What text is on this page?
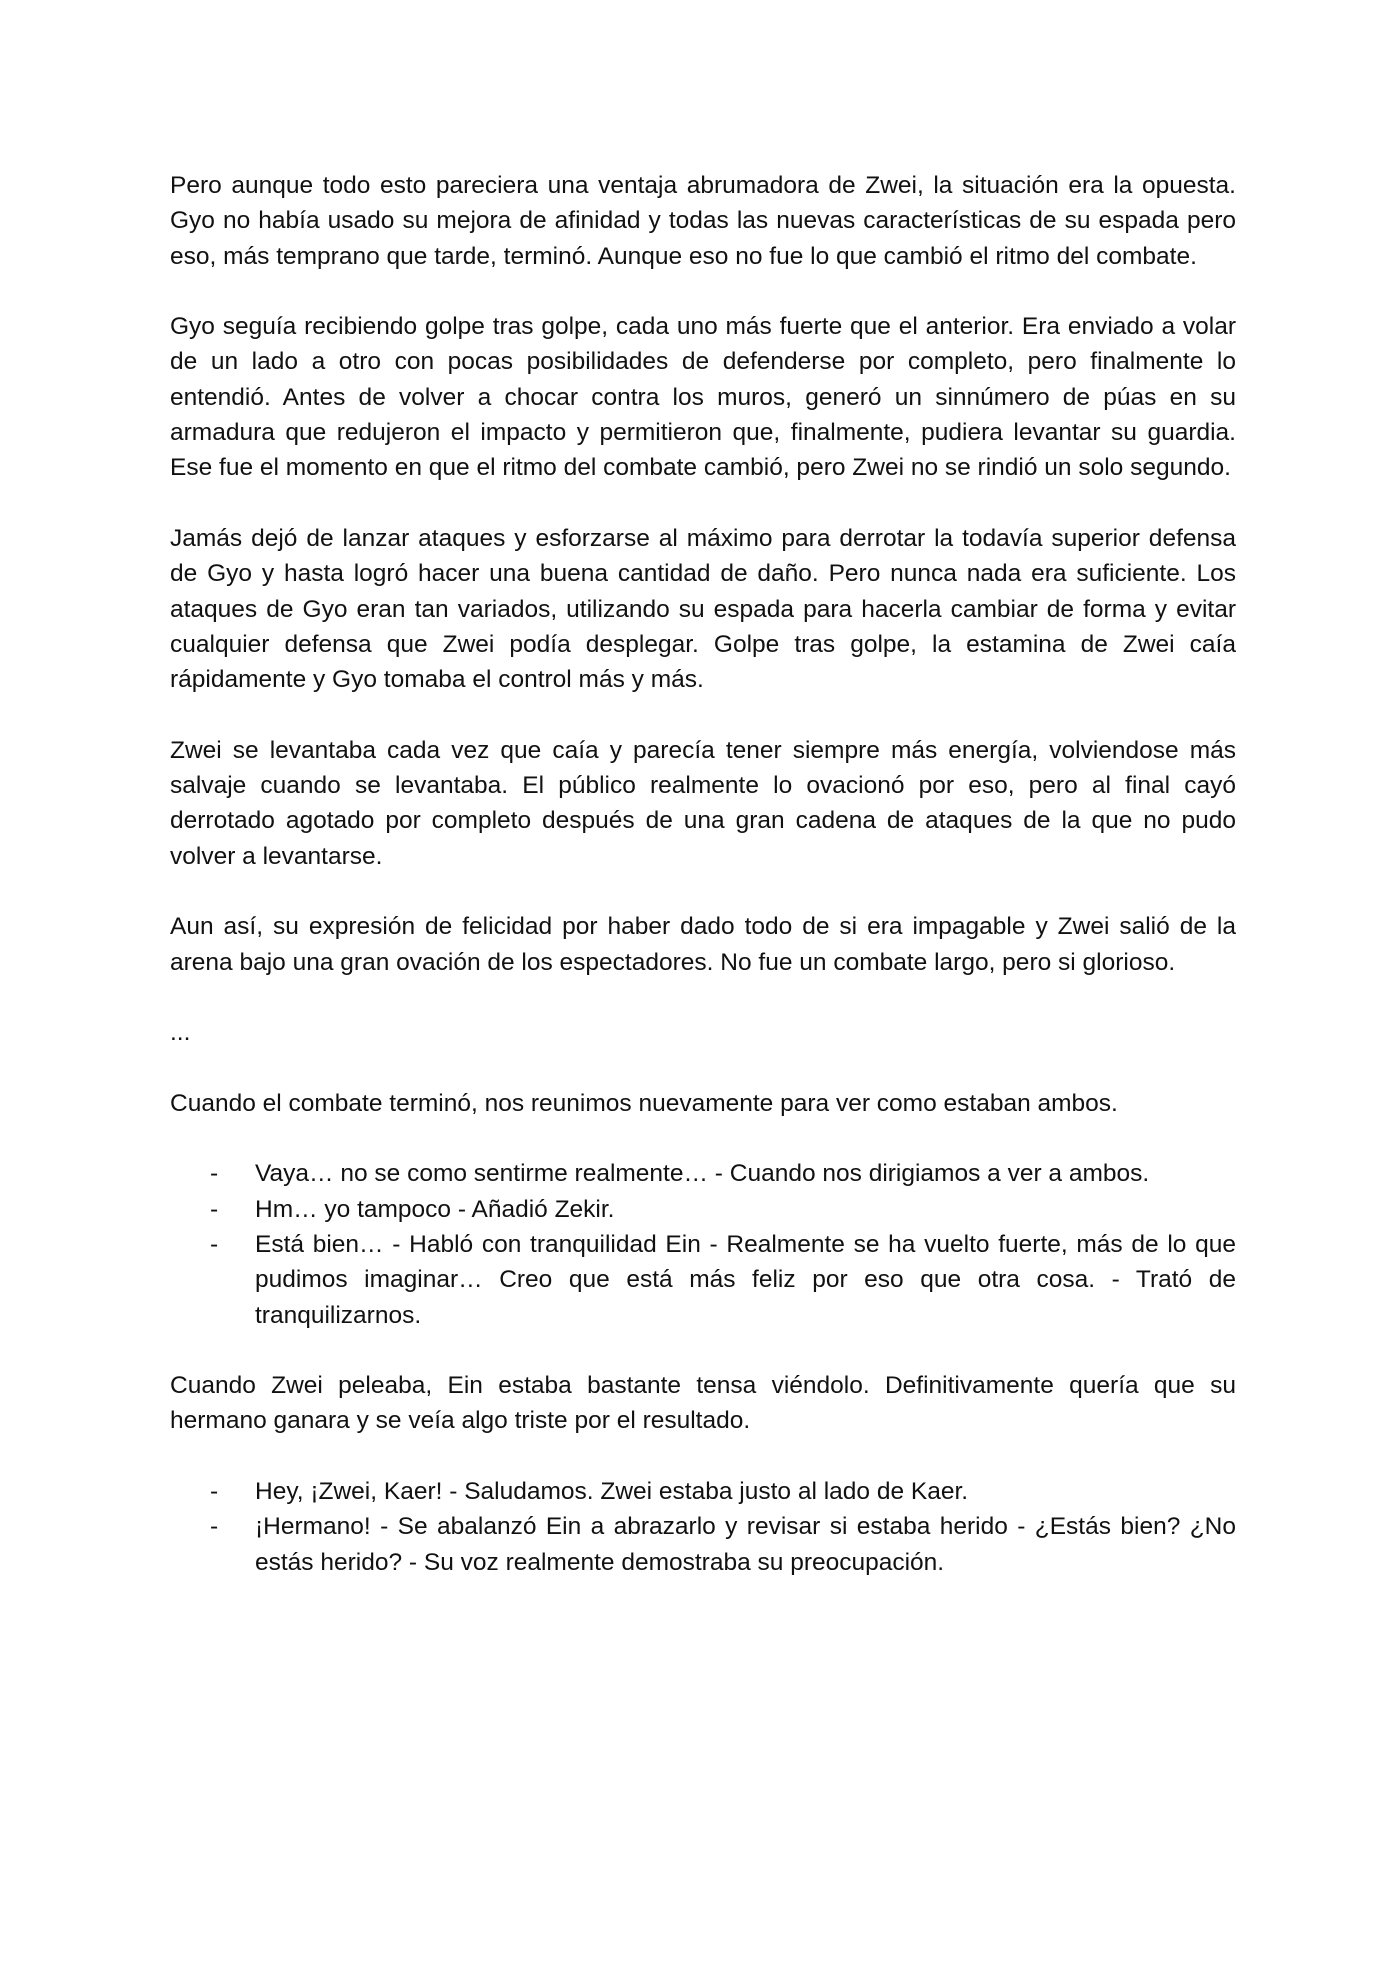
Pero aunque todo esto pareciera una ventaja abrumadora de Zwei, la situación era la opuesta. Gyo no había usado su mejora de afinidad y todas las nuevas características de su espada pero eso, más temprano que tarde, terminó. Aunque eso no fue lo que cambió el ritmo del combate.

Gyo seguía recibiendo golpe tras golpe, cada uno más fuerte que el anterior. Era enviado a volar de un lado a otro con pocas posibilidades de defenderse por completo, pero finalmente lo entendió. Antes de volver a chocar contra los muros, generó un sinnúmero de púas en su armadura que redujeron el impacto y permitieron que, finalmente, pudiera levantar su guardia. Ese fue el momento en que el ritmo del combate cambió, pero Zwei no se rindió un solo segundo.

Jamás dejó de lanzar ataques y esforzarse al máximo para derrotar la todavía superior defensa de Gyo y hasta logró hacer una buena cantidad de daño. Pero nunca nada era suficiente. Los ataques de Gyo eran tan variados, utilizando su espada para hacerla cambiar de forma y evitar cualquier defensa que Zwei podía desplegar. Golpe tras golpe, la estamina de Zwei caía rápidamente y Gyo tomaba el control más y más.

Zwei se levantaba cada vez que caía y parecía tener siempre más energía, volviendose más salvaje cuando se levantaba. El público realmente lo ovacionó por eso, pero al final cayó derrotado agotado por completo después de una gran cadena de ataques de la que no pudo volver a levantarse.

Aun así, su expresión de felicidad por haber dado todo de si era impagable y Zwei salió de la arena bajo una gran ovación de los espectadores. No fue un combate largo, pero si glorioso.

...

Cuando el combate terminó, nos reunimos nuevamente para ver como estaban ambos.

- Vaya… no se como sentirme realmente… - Cuando nos dirigiamos a ver a ambos.
- Hm… yo tampoco - Añadió Zekir.
- Está bien… - Habló con tranquilidad Ein - Realmente se ha vuelto fuerte, más de lo que pudimos imaginar… Creo que está más feliz por eso que otra cosa. - Trató de tranquilizarnos.

Cuando Zwei peleaba, Ein estaba bastante tensa viéndolo. Definitivamente quería que su hermano ganara y se veía algo triste por el resultado.

- Hey, ¡Zwei, Kaer! - Saludamos. Zwei estaba justo al lado de Kaer.
- ¡Hermano! - Se abalanzó Ein a abrazarlo y revisar si estaba herido - ¿Estás bien? ¿No estás herido? - Su voz realmente demostraba su preocupación.
